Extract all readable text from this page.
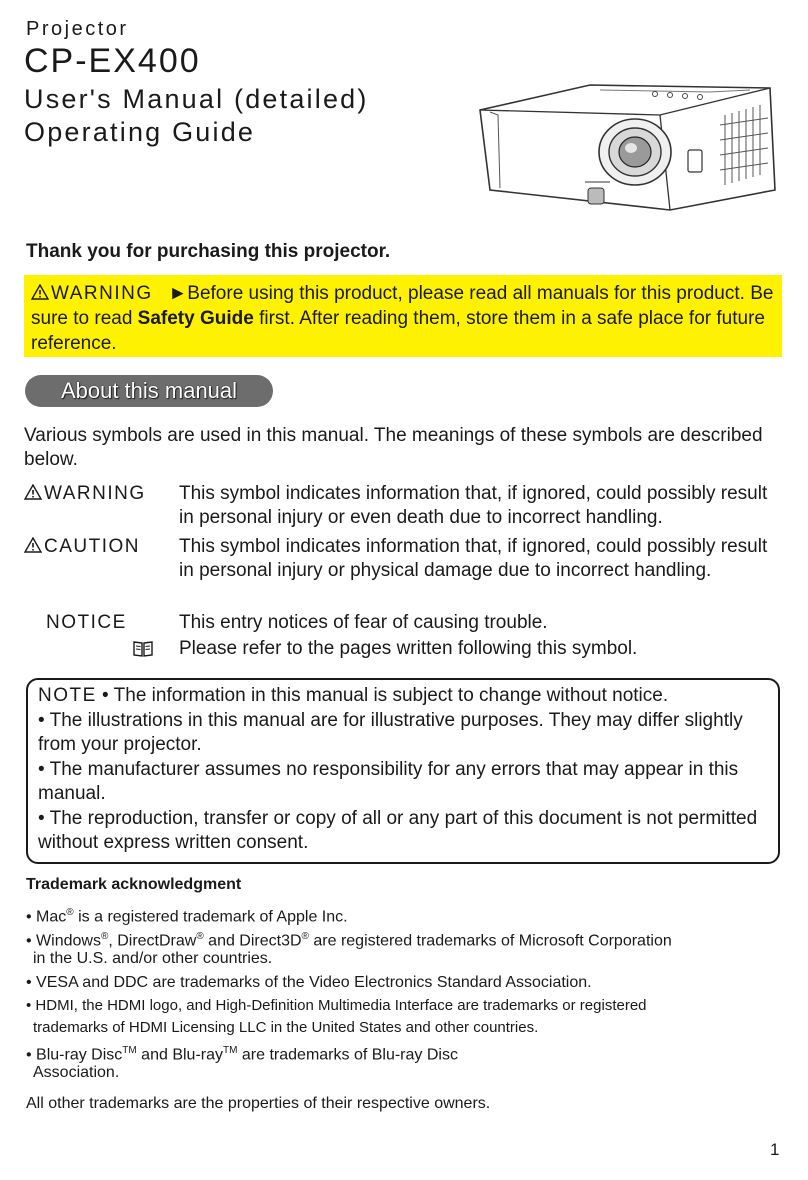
Projector
CP-EX400
User's Manual (detailed)
Operating Guide
Thank you for purchasing this projector.
WARNING ►Before using this product, please read all manuals for this product. Be sure to read Safety Guide first. After reading them, store them in a safe place for future reference.
About this manual
Various symbols are used in this manual. The meanings of these symbols are described below.
WARNING This symbol indicates information that, if ignored, could possibly result in personal injury or even death due to incorrect handling.
CAUTION This symbol indicates information that, if ignored, could possibly result in personal injury or physical damage due to incorrect handling.
NOTICE	This entry notices of fear of causing trouble.
Please refer to the pages written following this symbol.
NOTE • The information in this manual is subject to change without notice.
• The illustrations in this manual are for illustrative purposes. They may differ slightly from your projector.
• The manufacturer assumes no responsibility for any errors that may appear in this manual.
• The reproduction, transfer or copy of all or any part of this document is not permitted without express written consent.
Trademark acknowledgment
• Mac® is a registered trademark of Apple Inc.
• Windows®, DirectDraw® and Direct3D® are registered trademarks of Microsoft Corporation
in the U.S. and/or other countries.
• VESA and DDC are trademarks of the Video Electronics Standard Association.
• HDMI, the HDMI logo, and High-Definition Multimedia Interface are trademarks or registered
trademarks of HDMI Licensing LLC in the United States and other countries.
• Blu-ray Disc™ and Blu-ray™ are trademarks of Blu-ray Disc
Association.
All other trademarks are the properties of their respective owners.
1
